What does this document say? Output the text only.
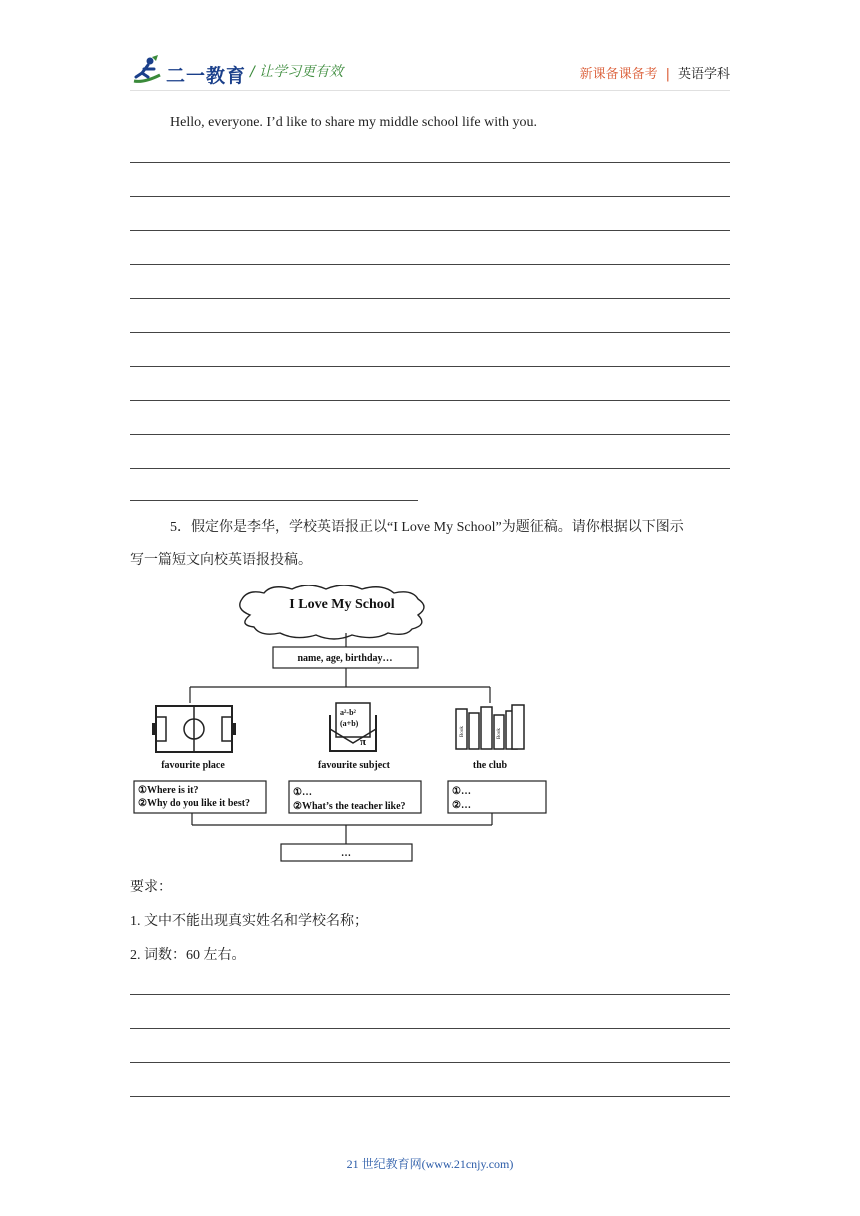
二一教育 / 让学习更有效	新课备课备考 | 英语学科
Hello, everyone. I’d like to share my middle school life with you.
5．假定你是李华，学校英语报正以“I Love My School”为题征稿。请你根据以下图示
写一篇短文向校英语报投稿。
I Love My School
name, age, birthday…
favourite place
a²-b²
(a+b)
π
favourite subject
Book	Book
the club
①Where is it?
②Why do you like it best?
①…
②What’s the teacher like?
①…
②…
…
要求：
1. 文中不能出现真实姓名和学校名称；
2. 词数：60 左右。
21 世纪教育网(www.21cnjy.com)
